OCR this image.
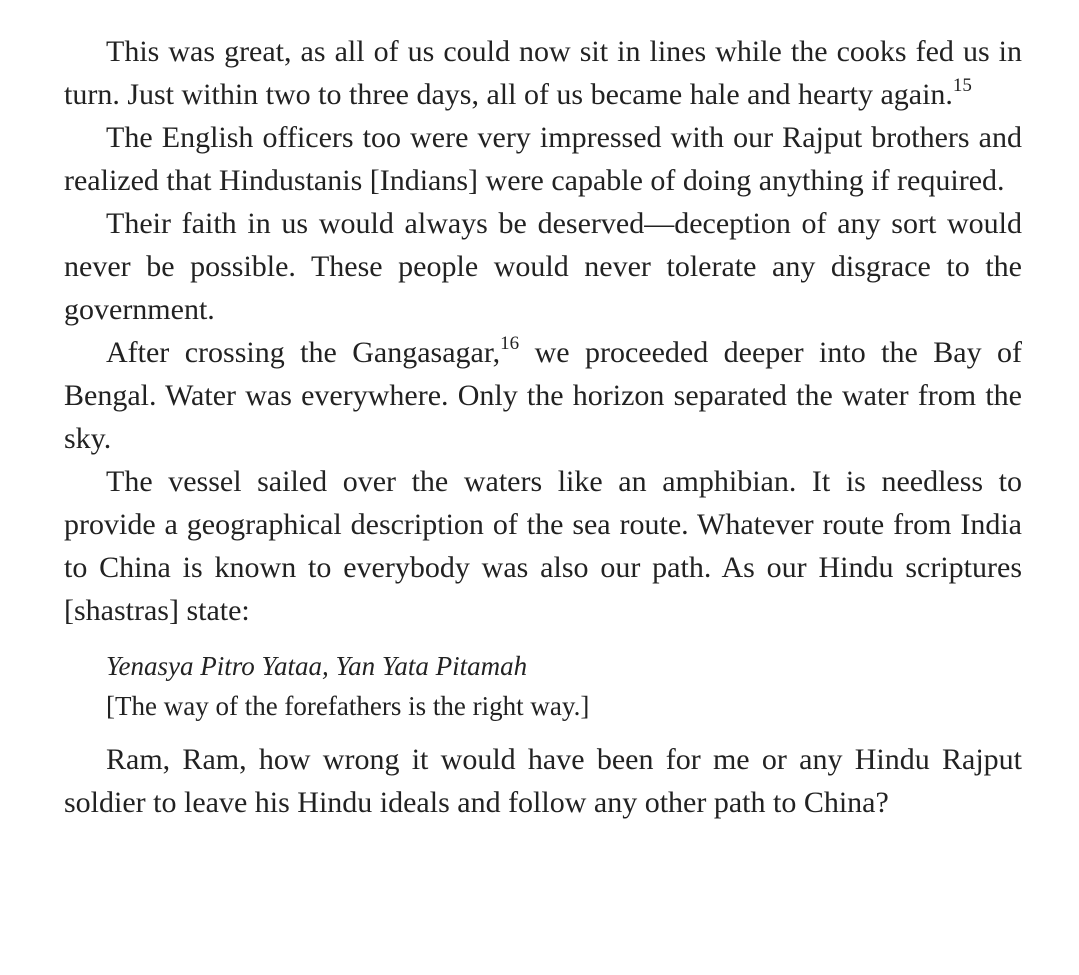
This was great, as all of us could now sit in lines while the cooks fed us in turn. Just within two to three days, all of us became hale and hearty again.$^{15}$

The English officers too were very impressed with our Rajput brothers and realized that Hindustanis [Indians] were capable of doing anything if required.

Their faith in us would always be deserved—deception of any sort would never be possible. These people would never tolerate any disgrace to the government.

After crossing the Gangasagar,$^{16}$ we proceeded deeper into the Bay of Bengal. Water was everywhere. Only the horizon separated the water from the sky.

The vessel sailed over the waters like an amphibian. It is needless to provide a geographical description of the sea route. Whatever route from India to China is known to everybody was also our path. As our Hindu scriptures [shastras] state:

Yenasya Pitro Yataa, Yan Yata Pitamah
[The way of the forefathers is the right way.]

Ram, Ram, how wrong it would have been for me or any Hindu Rajput soldier to leave his Hindu ideals and follow any other path to China?
